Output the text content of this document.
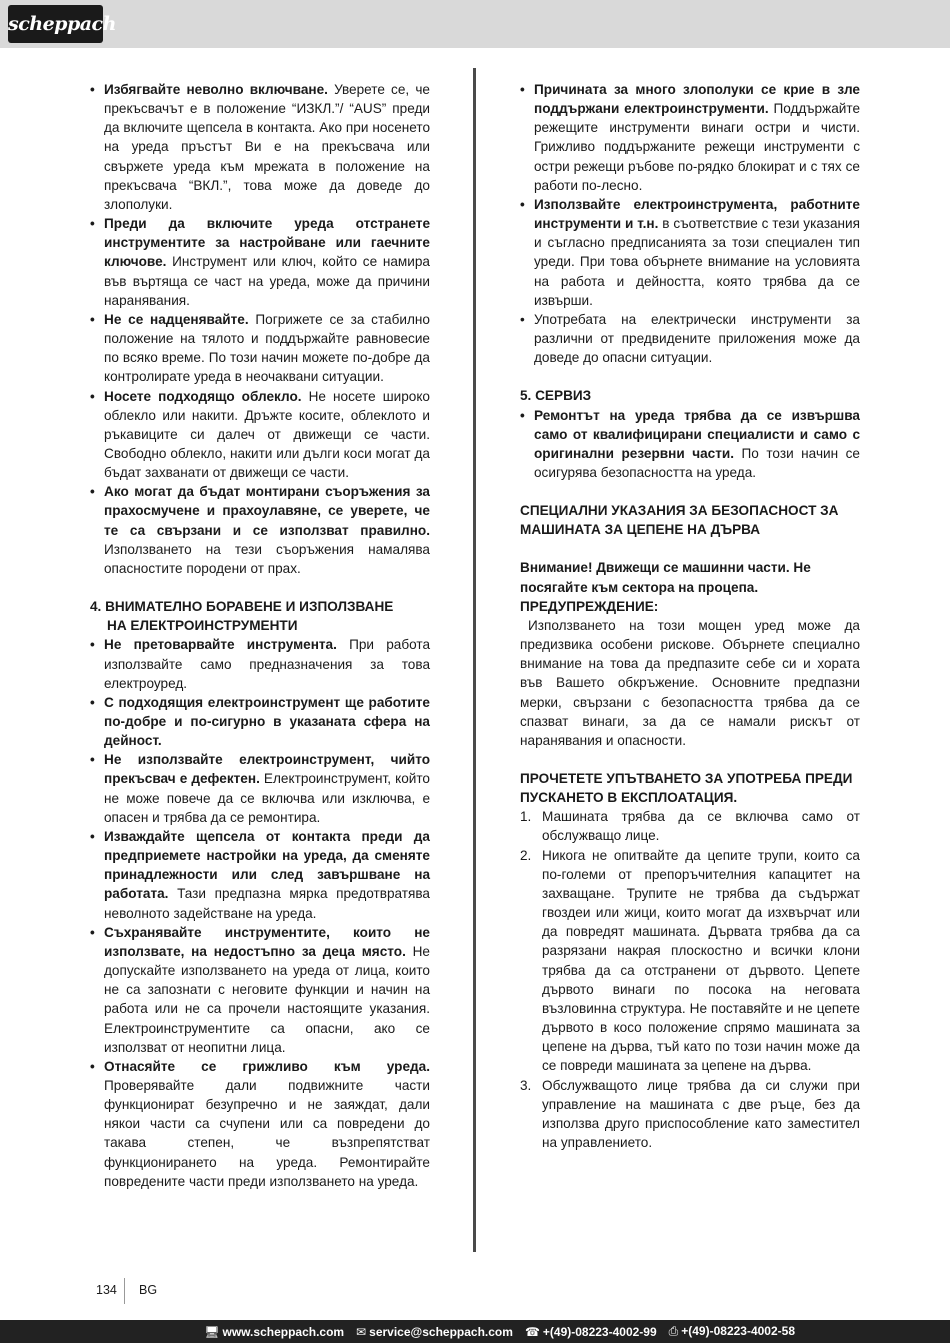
scheppach
• Избягвайте неволно включване. Уверете се, че прекъсвачът е в положение “ИЗКЛ.”/ “AUS” преди да включите щепсела в контакта. Ако при носенето на уреда пръстът Ви е на прекъсвача или свържете уреда към мрежата в положение на прекъсвача “ВКЛ.”, това може да доведе до злополуки.
• Преди да включите уреда отстранете инструментите за настройване или гаечните ключове. Инструмент или ключ, който се намира във въртяща се част на уреда, може да причини наранявания.
• Не се надценявайте. Погрижете се за стабилно положение на тялото и поддържайте равновесие по всяко време. По този начин можете по-добре да контролирате уреда в неочаквани ситуации.
• Носете подходящо облекло. Не носете широко облекло или накити. Дръжте косите, облеклото и ръкавиците си далеч от движещи се части. Свободно облекло, накити или дълги коси могат да бъдат захванати от движещи се части.
• Ако могат да бъдат монтирани съоръжения за прахосмучене и прахоулавяне, се уверете, че те са свързани и се използват правилно. Използването на тези съоръжения намалява опасностите породени от прах.
4. ВНИМАТЕЛНО БОРАВЕНЕ И ИЗПОЛЗВАНЕ
НА ЕЛЕКТРОИНСТРУМЕНТИ
• Не претоварвайте инструмента. При работа използвайте само предназначения за това електроуред.
• С подходящия електроинструмент ще работите по-добре и по-сигурно в указаната сфера на дейност.
• Не използвайте електроинструмент, чийто прекъсвач е дефектен. Електроинструмент, който не може повече да се включва или изключва, е опасен и трябва да се ремонтира.
• Изваждайте щепсела от контакта преди да предприемете настройки на уреда, да сменяте принадлежности или след завършване на работата. Тази предпазна мярка предотвратява неволното задействане на уреда.
• Съхранявайте инструментите, които не използвате, на недостъпно за деца място. Не допускайте използването на уреда от лица, които не са запознати с неговите функции и начин на работа или не са прочели настоящите указания. Електроинструментите са опасни, ако се използват от неопитни лица.
• Отнасяйте се грижливо към уреда. Проверявайте дали подвижните части функционират безупречно и не заяждат, дали някои части са счупени или са повредени до такава степен, че възпрепятстват функционирането на уреда. Ремонтирайте повредените части преди използването на уреда.
• Причината за много злополуки се крие в зле поддържани електроинструменти. Поддържайте режещите инструменти винаги остри и чисти. Грижливо поддържаните режещи инструменти с остри режещи ръбове по-рядко блокират и с тях се работи по-лесно.
• Използвайте електроинструмента, работните инструменти и т.н. в съответствие с тези указания и съгласно предписанията за този специален тип уреди. При това обърнете внимание на условията на работа и дейността, която трябва да се извърши.
• Употребата на електрически инструменти за различни от предвидените приложения може да доведе до опасни ситуации.
5. СЕРВИЗ
• Ремонтът на уреда трябва да се извършва само от квалифицирани специалисти и само с оригинални резервни части. По този начин се осигурява безопасността на уреда.
СПЕЦИАЛНИ УКАЗАНИЯ ЗА БЕЗОПАСНОСТ ЗА МАШИНАТА ЗА ЦЕПЕНЕ НА ДЪРВА
Внимание! Движещи се машинни части. Не посягайте към сектора на процепа.
ПРЕДУПРЕЖДЕНИЕ:

Използването на този мощен уред може да предизвика особени рискове. Обърнете специално внимание на това да предпазите себе си и хората във Вашето обкръжение. Основните предпазни мерки, свързани с безопасността трябва да се спазват винаги, за да се намали рискът от наранявания и опасности.

ПРОЧЕТЕТЕ УПЪТВАНЕТО ЗА УПОТРЕБА ПРЕДИ ПУСКАНЕТО В ЕКСПЛОАТАЦИЯ.
1. Машината трябва да се включва само от обслужващо лице.
2. Никога не опитвайте да цепите трупи, които са по-големи от препоръчителния капацитет на захващане. Трупите не трябва да съдържат гвоздеи или жици, които могат да изхвърчат или да повредят машината. Дървата трябва да са разрязани накрая плоскостно и всички клони трябва да са отстранени от дървото. Цепете дървото винаги по посока на неговата възловинна структура. Не поставяйте и не цепете дървото в косо положение спрямо машината за цепене на дърва, тъй като по този начин може да се повреди машината за цепене на дърва.
3. Обслужващото лице трябва да си служи при управление на машината с две ръце, без да използва друго приспособление като заместител на управлението.
134 BG
🖥 www.scheppach.com ✉ service@scheppach.com ☎ +(49)-08223-4002-99 ⎙ +(49)-08223-4002-58
